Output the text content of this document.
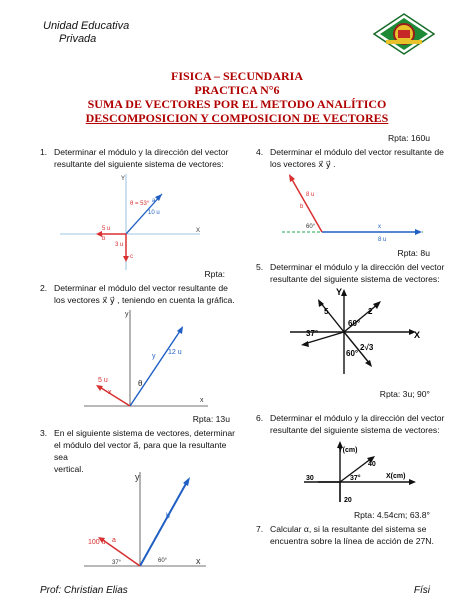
Unidad Educativa
Privada
FISICA – SECUNDARIA
PRACTICA N°6
SUMA DE VECTORES POR EL METODO ANALÍTICO
DESCOMPOSICION Y COMPOSICION DE VECTORES
Rpta: 160u
1. Determinar el módulo y la dirección del vector
resultante del siguiente sistema de vectores:
X
Y
5 u
3 u
10 u
a
θ = 53°
c
b
Rpta:
2. Determinar el módulo del vector resultante de
los vectores x⃗ y⃗ , teniendo en cuenta la gráfica.
y
x
12 u
y
5 u
x
θ
Rpta: 13u
3. En el siguiente sistema de vectores, determinar
el módulo del vector a⃗, para que la resultante sea
vertical.
y
x
100 u a
b
37°	60°
4. Determinar el módulo del vector resultante de
los vectores x⃗ y⃗ .
8 u
b
x
8 u
60°
Rpta: 8u
5. Determinar el módulo y la dirección del vector
resultante del siguiente sistema de vectores:
Y
X
5	2
37°
2√3
60°
60°
Rpta: 3u; 90°
6. Determinar el módulo y la dirección del vector
resultante del siguiente sistema de vectores:
Y(cm)
X(cm)
40
30
20
37°
Rpta: 4.54cm; 63.8°
7. Calcular α, si la resultante del sistema se
encuentra sobre la línea de acción de 27N.
Prof: Christian Elias	Físi
